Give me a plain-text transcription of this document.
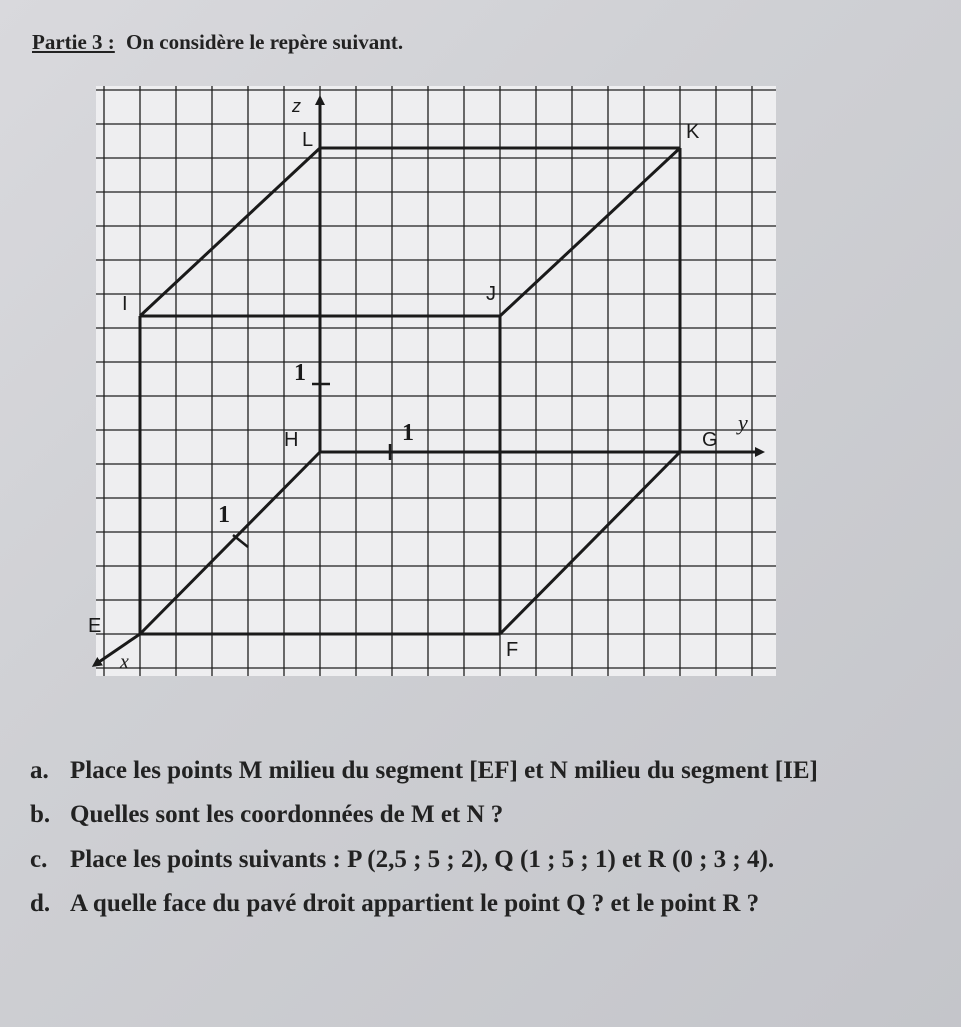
Partie 3 : On considère le repère suivant.
z
y
x
L	K
I	J
H	G
E
F
1
1
1
a. Place les points M milieu du segment [EF] et N milieu du segment [IE]
b. Quelles sont les coordonnées de M et N ?
c. Place les points suivants : P (2,5 ; 5 ; 2), Q (1 ; 5 ; 1) et R (0 ; 3 ; 4).
d. A quelle face du pavé droit appartient le point Q ? et le point R ?
